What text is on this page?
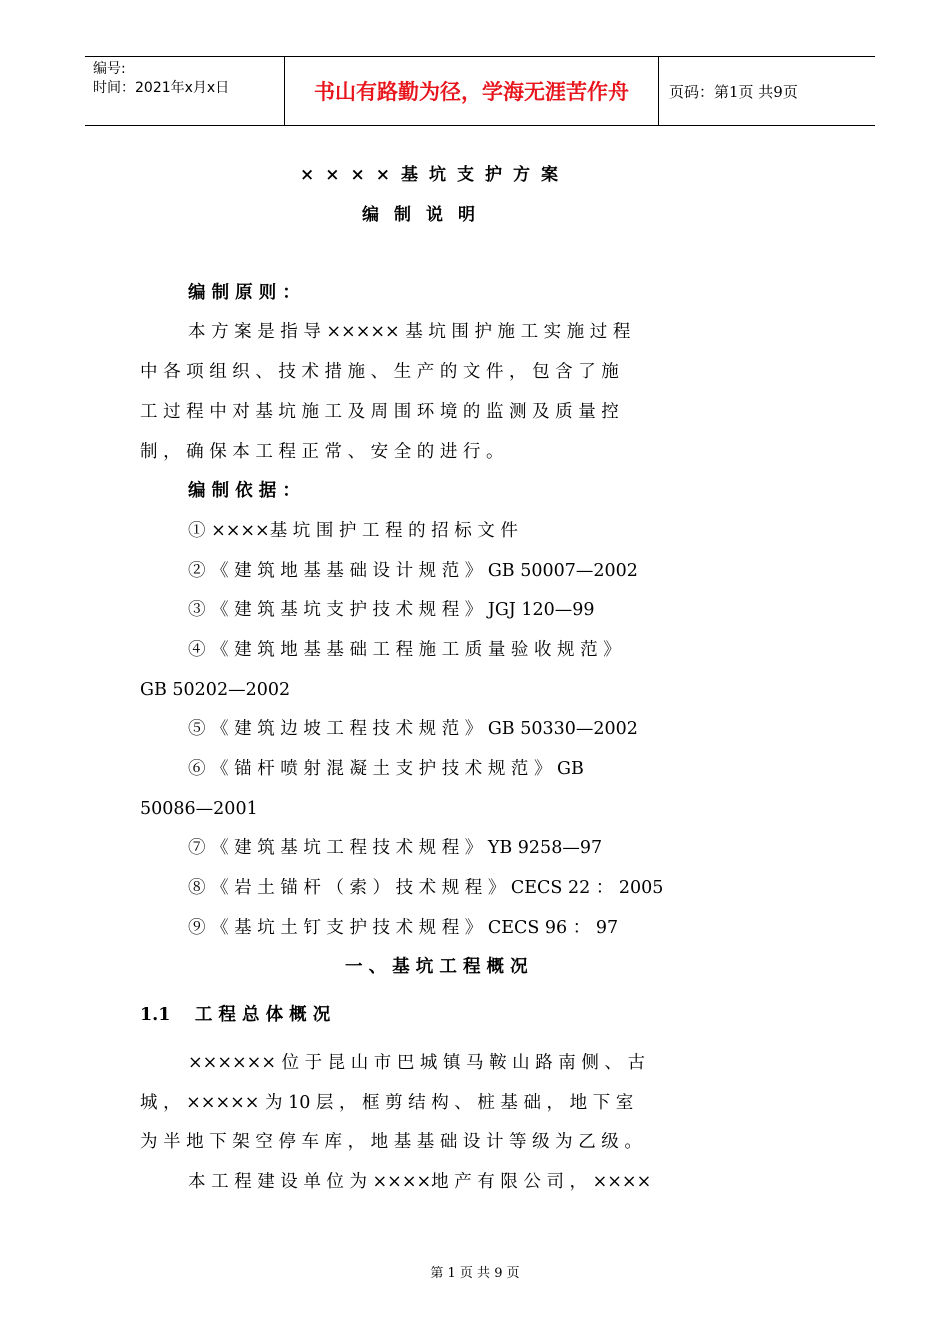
编号:
时间：2021年x月x日	书山有路勤为径，学海无涯苦作舟	页码：第1页 共9页
××××基坑支护方案
编制说明
编 制 原 则 ：
本 方 案 是 指 导 ××××× 基 坑 围 护 施 工 实 施 过 程
中 各 项 组 织 、 技 术 措 施 、 生 产 的 文 件 ， 包 含 了 施
工 过 程 中 对 基 坑 施 工 及 周 围 环 境 的 监 测 及 质 量 控
制 ， 确 保 本 工 程 正 常 、 安 全 的 进 行 。
编 制 依 据 ：
① ××××基 坑 围 护 工 程 的 招 标 文 件
② 《 建 筑 地 基 基 础 设 计 规 范 》 GB 50007—2002
③ 《 建 筑 基 坑 支 护 技 术 规 程 》 JGJ 120—99
④ 《 建 筑 地 基 基 础 工 程 施 工 质 量 验 收 规 范 》
GB 50202—2002
⑤ 《 建 筑 边 坡 工 程 技 术 规 范 》 GB 50330—2002
⑥ 《 锚 杆 喷 射 混 凝 土 支 护 技 术 规 范 》 GB
50086—2001
⑦ 《 建 筑 基 坑 工 程 技 术 规 程 》 YB 9258—97
⑧ 《 岩 土 锚 杆 （ 索 ） 技 术 规 程 》 CECS 22 ： 2005
⑨ 《 基 坑 土 钉 支 护 技 术 规 程 》 CECS 96 ： 97
一 、 基 坑 工 程 概 况
1.1    工 程 总 体 概 况
×××××× 位 于 昆 山 市 巴 城 镇 马 鞍 山 路 南 侧 、 古
城 ， ××××× 为 10 层 ， 框 剪 结 构 、 桩 基 础 ， 地 下 室
为 半 地 下 架 空 停 车 库 ， 地 基 基 础 设 计 等 级 为 乙 级 。
本 工 程 建 设 单 位 为 ××××地 产 有 限 公 司 ， ××××
第 1 页 共 9 页
